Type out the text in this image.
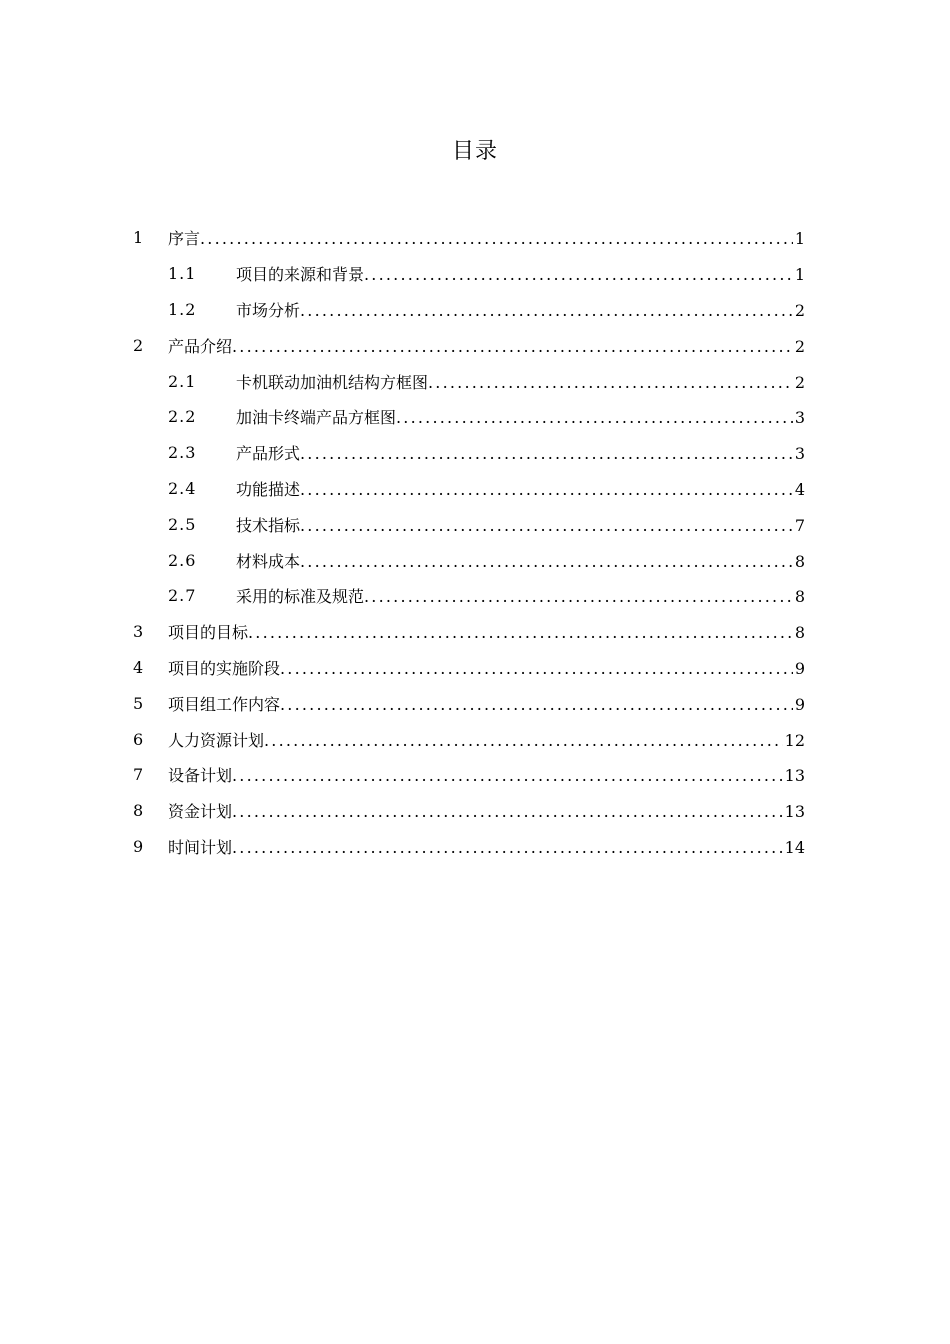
目录
1	序言 .....	1
1.1	项目的来源和背景 .....	1
1.2	市场分析 .....	2
2	产品介绍 .....	2
2.1	卡机联动加油机结构方框图 .....	2
2.2	加油卡终端产品方框图 .....	3
2.3	产品形式 .....	3
2.4	功能描述 .....	4
2.5	技术指标 .....	7
2.6	材料成本 .....	8
2.7	采用的标准及规范 .....	8
3	项目的目标 .....	8
4	项目的实施阶段 .....	9
5	项目组工作内容 .....	9
6	人力资源计划 .....	12
7	设备计划 .....	13
8	资金计划 .....	13
9	时间计划 .....	14
